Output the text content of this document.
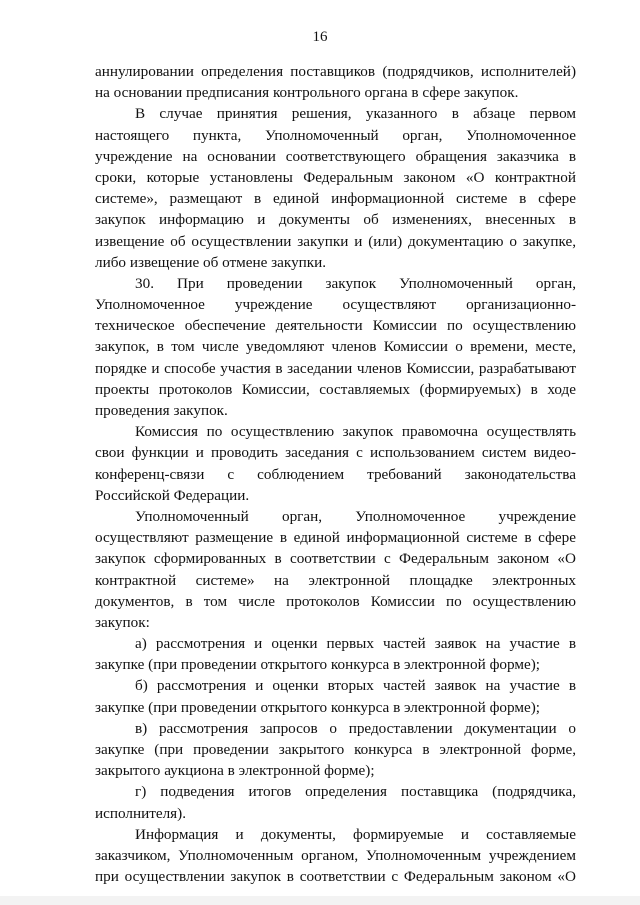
16
аннулировании определения поставщиков (подрядчиков, исполнителей)
на основании предписания контрольного органа в сфере закупок.
В случае принятия решения, указанного в абзаце первом
настоящего пункта, Уполномоченный орган, Уполномоченное
учреждение на основании соответствующего обращения заказчика в
сроки, которые установлены Федеральным законом «О контрактной
системе», размещают в единой информационной системе в сфере
закупок информацию и документы об изменениях, внесенных в
извещение об осуществлении закупки и (или) документацию о закупке,
либо извещение об отмене закупки.
30. При проведении закупок Уполномоченный орган,
Уполномоченное учреждение осуществляют организационно-
техническое обеспечение деятельности Комиссии по осуществлению
закупок, в том числе уведомляют членов Комиссии о времени, месте,
порядке и способе участия в заседании членов Комиссии, разрабатывают
проекты протоколов Комиссии, составляемых (формируемых) в ходе
проведения закупок.
Комиссия по осуществлению закупок правомочна осуществлять
свои функции и проводить заседания с использованием систем видео-
конференц-связи с соблюдением требований законодательства
Российской Федерации.
Уполномоченный орган, Уполномоченное учреждение
осуществляют размещение в единой информационной системе в сфере
закупок сформированных в соответствии с Федеральным законом «О
контрактной системе» на электронной площадке электронных
документов, в том числе протоколов Комиссии по осуществлению
закупок:
а) рассмотрения и оценки первых частей заявок на участие в
закупке (при проведении открытого конкурса в электронной форме);
б) рассмотрения и оценки вторых частей заявок на участие в
закупке (при проведении открытого конкурса в электронной форме);
в) рассмотрения запросов о предоставлении документации о
закупке (при проведении закрытого конкурса в электронной форме,
закрытого аукциона в электронной форме);
г) подведения итогов определения поставщика (подрядчика,
исполнителя).
Информация и документы, формируемые и составляемые
заказчиком, Уполномоченным органом, Уполномоченным учреждением
при осуществлении закупок в соответствии с Федеральным законом «О
